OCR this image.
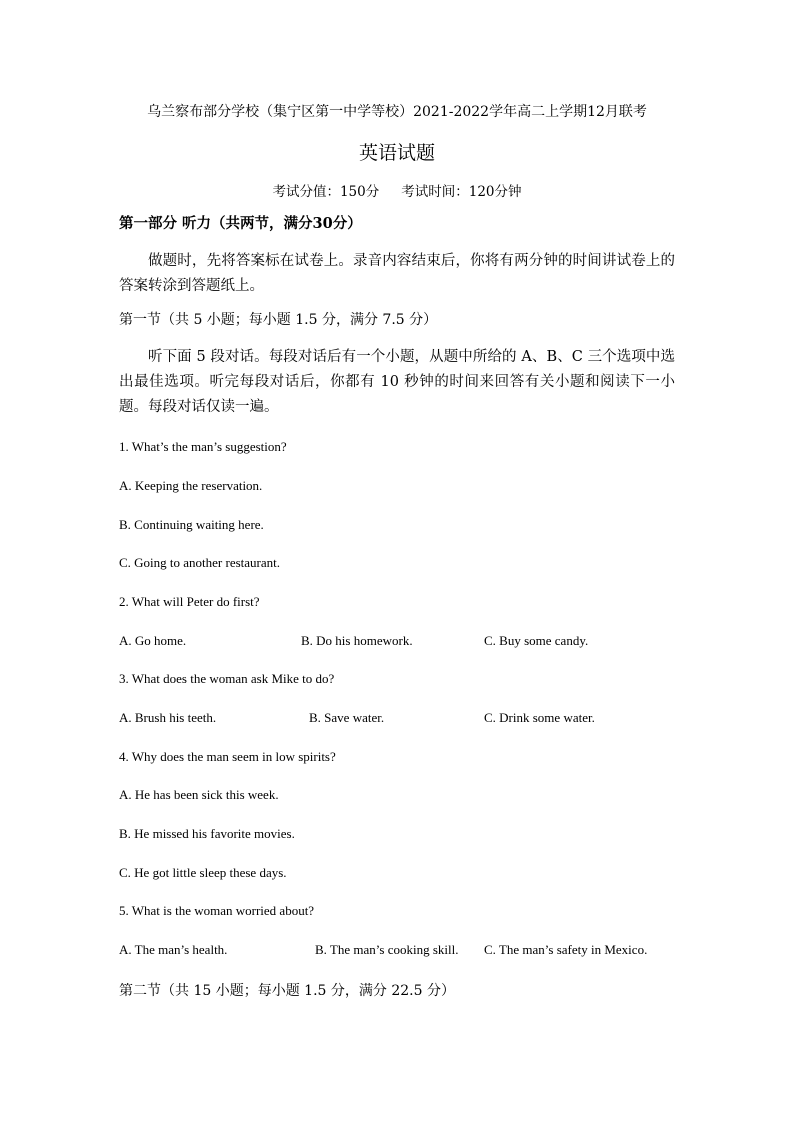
乌兰察布部分学校（集宁区第一中学等校）2021-2022学年高二上学期12月联考
英语试题
考试分值：150分 考试时间：120分钟
第一部分 听力（共两节，满分30分）
做题时，先将答案标在试卷上。录音内容结束后，你将有两分钟的时间讲试卷上的答案转涂到答题纸上。
第一节（共 5 小题；每小题 1.5 分，满分 7.5 分）
听下面 5 段对话。每段对话后有一个小题，从题中所给的 A、B、C 三个选项中选出最佳选项。听完每段对话后，你都有 10 秒钟的时间来回答有关小题和阅读下一小题。每段对话仅读一遍。
1. What’s the man’s suggestion?
A. Keeping the reservation.
B. Continuing waiting here.
C. Going to another restaurant.
2. What will Peter do first?
A. Go home.	B. Do his homework.	C. Buy some candy.
3. What does the woman ask Mike to do?
A. Brush his teeth.	B. Save water.	C. Drink some water.
4. Why does the man seem in low spirits?
A. He has been sick this week.
B. He missed his favorite movies.
C. He got little sleep these days.
5. What is the woman worried about?
A. The man’s health.	B. The man’s cooking skill. C. The man’s safety in Mexico.
第二节（共 15 小题；每小题 1.5 分，满分 22.5 分）
